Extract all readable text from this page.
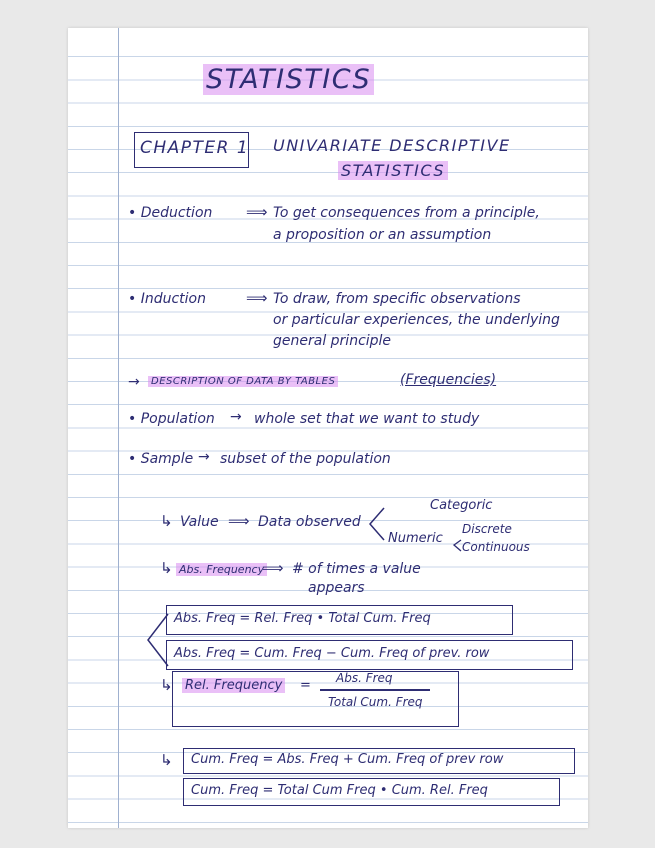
STATISTICS
CHAPTER 1 UNIVARIATE DESCRIPTIVE
STATISTICS
• Deduction ⟹ To get consequences from a principle,
a proposition or an assumption
• Induction	⟹ To draw, from specific observations
or particular experiences, the underlying
general principle
→	DESCRIPTION OF DATA BY TABLES	(Frequencies)
• Population → whole set that we want to study
• Sample → subset of the population
↳ Value ⟹ Data observed
Categoric
Numeric
Discrete
Continuous
↳ Abs. Frequency
⟹ # of times a value
appears
Abs. Freq = Rel. Freq • Total Cum. Freq
Abs. Freq = Cum. Freq − Cum. Freq of prev. row
↳ Rel. Frequency = Abs. Freq
Total Cum. Freq
↳ Cum. Freq = Abs. Freq + Cum. Freq of prev row
Cum. Freq = Total Cum Freq • Cum. Rel. Freq
